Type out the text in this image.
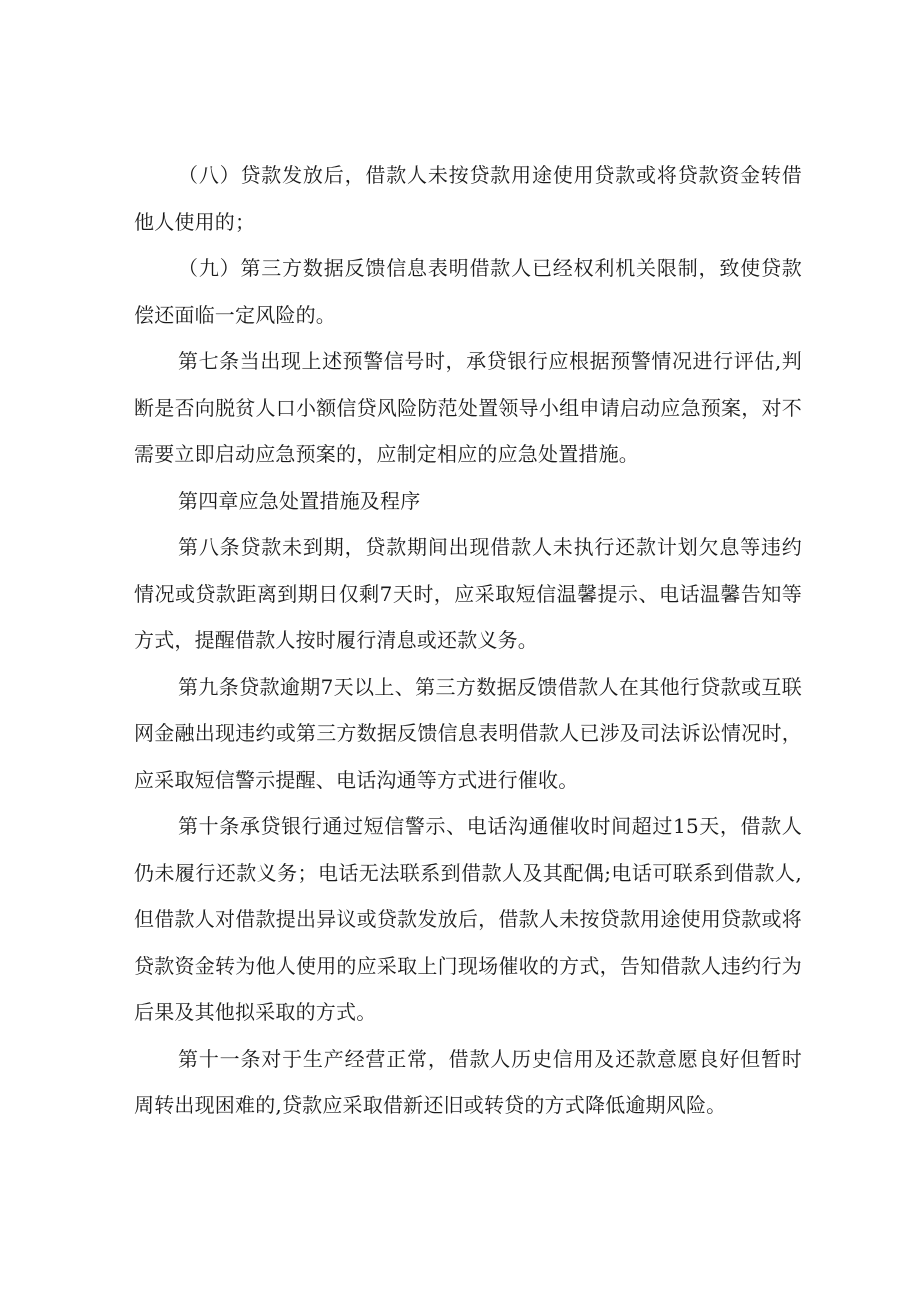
（八）贷款发放后，借款人未按贷款用途使用贷款或将贷款资金转借他人使用的；

（九）第三方数据反馈信息表明借款人已经权利机关限制，致使贷款偿还面临一定风险的。

第七条当出现上述预警信号时，承贷银行应根据预警情况进行评估,判断是否向脱贫人口小额信贷风险防范处置领导小组申请启动应急预案，对不需要立即启动应急预案的，应制定相应的应急处置措施。

第四章应急处置措施及程序

第八条贷款未到期，贷款期间出现借款人未执行还款计划欠息等违约情况或贷款距离到期日仅剩7天时，应采取短信温馨提示、电话温馨告知等方式，提醒借款人按时履行清息或还款义务。

第九条贷款逾期7天以上、第三方数据反馈借款人在其他行贷款或互联网金融出现违约或第三方数据反馈信息表明借款人已涉及司法诉讼情况时，应采取短信警示提醒、电话沟通等方式进行催收。

第十条承贷银行通过短信警示、电话沟通催收时间超过15天，借款人仍未履行还款义务；电话无法联系到借款人及其配偶;电话可联系到借款人,但借款人对借款提出异议或贷款发放后，借款人未按贷款用途使用贷款或将贷款资金转为他人使用的应采取上门现场催收的方式，告知借款人违约行为后果及其他拟采取的方式。

第十一条对于生产经营正常，借款人历史信用及还款意愿良好但暂时周转出现困难的,贷款应采取借新还旧或转贷的方式降低逾期风险。
